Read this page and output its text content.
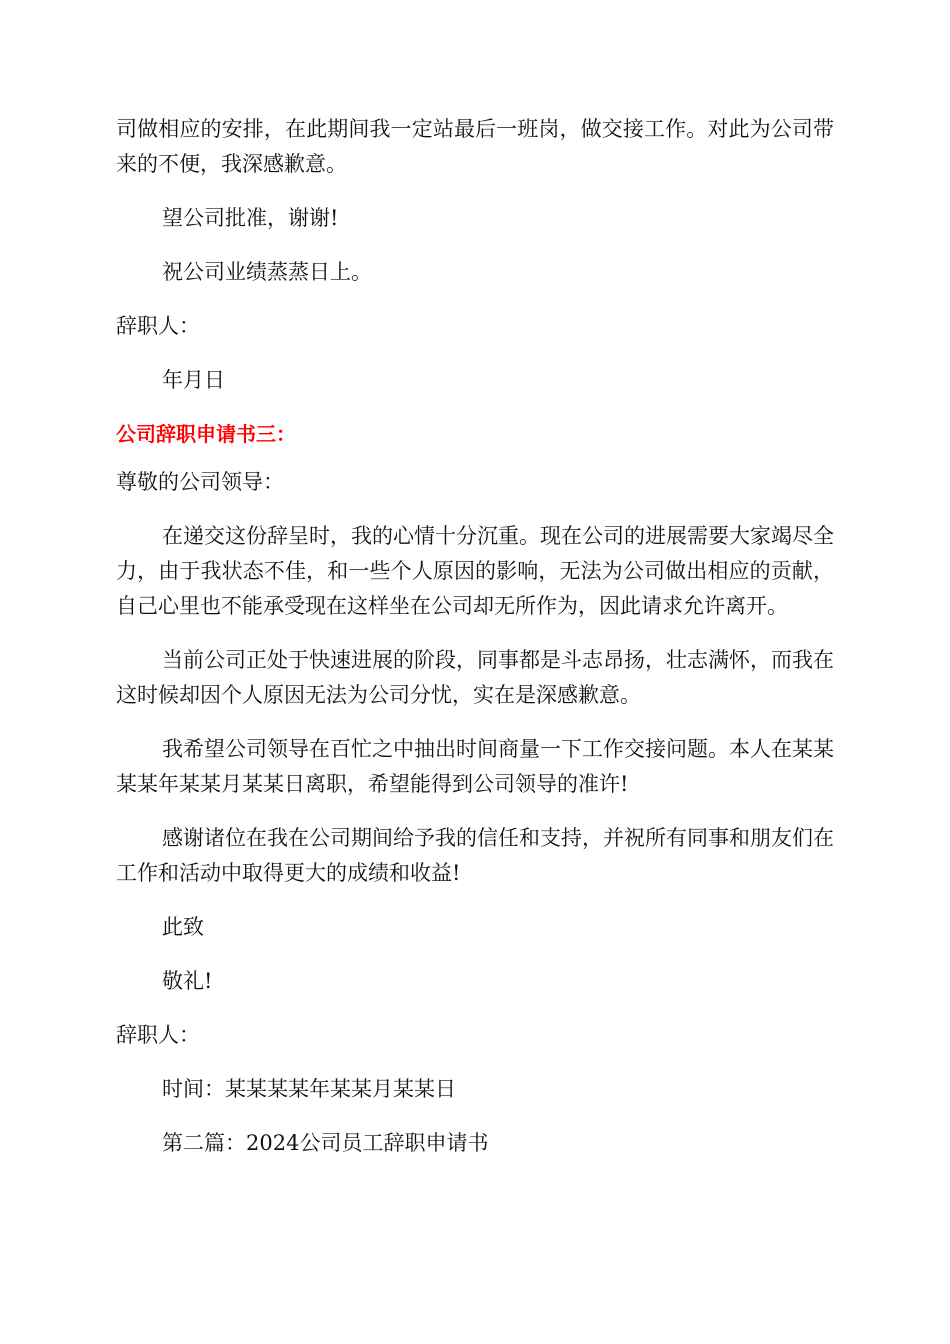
司做相应的安排，在此期间我一定站最后一班岗，做交接工作。对此为公司带来的不便，我深感歉意。

望公司批准，谢谢!

祝公司业绩蒸蒸日上。

辞职人：

年月日

公司辞职申请书三：

尊敬的公司领导：

在递交这份辞呈时，我的心情十分沉重。现在公司的进展需要大家竭尽全力，由于我状态不佳，和一些个人原因的影响，无法为公司做出相应的贡献，自己心里也不能承受现在这样坐在公司却无所作为，因此请求允许离开。

当前公司正处于快速进展的阶段，同事都是斗志昂扬，壮志满怀，而我在这时候却因个人原因无法为公司分忧，实在是深感歉意。

我希望公司领导在百忙之中抽出时间商量一下工作交接问题。本人在某某某某年某某月某某日离职，希望能得到公司领导的准许!

感谢诸位在我在公司期间给予我的信任和支持，并祝所有同事和朋友们在工作和活动中取得更大的成绩和收益!

此致

敬礼!

辞职人：

时间：某某某某年某某月某某日

第二篇：2024公司员工辞职申请书
